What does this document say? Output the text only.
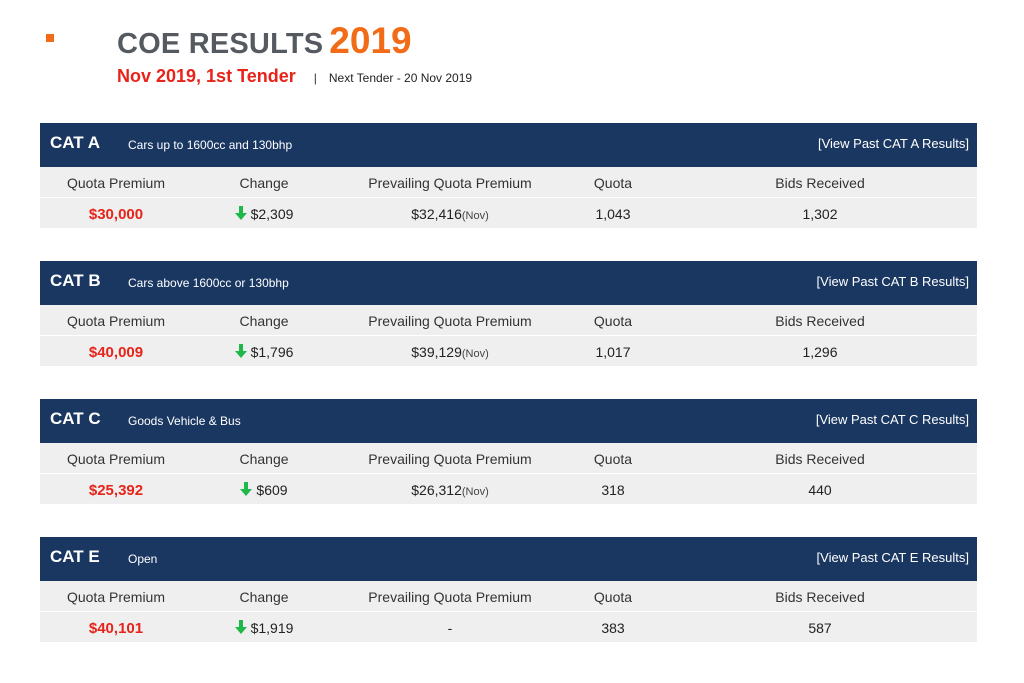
COE RESULTS 2019
Nov 2019, 1st Tender | Next Tender - 20 Nov 2019
CAT A Cars up to 1600cc and 130bhp	[View Past CAT A Results]
Quota Premium	Change	Prevailing Quota Premium	Quota	Bids Received
$30,000	$2,309	$32,416(Nov)	1,043	1,302
CAT B Cars above 1600cc or 130bhp	[View Past CAT B Results]
Quota Premium	Change	Prevailing Quota Premium	Quota	Bids Received
$40,009	$1,796	$39,129(Nov)	1,017	1,296
CAT C Goods Vehicle & Bus	[View Past CAT C Results]
Quota Premium	Change	Prevailing Quota Premium	Quota	Bids Received
$25,392	$609	$26,312(Nov)	318	440
CAT E Open	[View Past CAT E Results]
Quota Premium	Change	Prevailing Quota Premium	Quota	Bids Received
$40,101	$1,919	-	383	587
